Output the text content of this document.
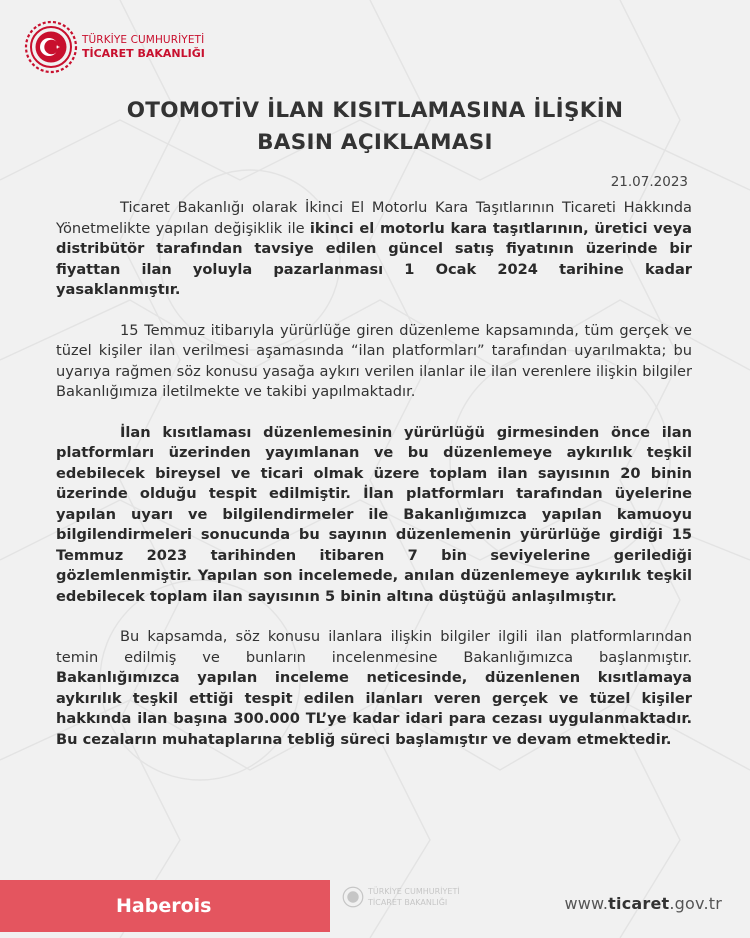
TÜRKİYE CUMHURİYETİ
TİCARET BAKANLIĞI
OTOMOTİV İLAN KISITLAMASINA İLİŞKİN
BASIN AÇIKLAMASI
21.07.2023

Ticaret Bakanlığı olarak İkinci El Motorlu Kara Taşıtlarının Ticareti Hakkında Yönetmelikte yapılan değişiklik ile ikinci el motorlu kara taşıtlarının, üretici veya distribütör tarafından tavsiye edilen güncel satış fiyatının üzerinde bir fiyattan ilan yoluyla pazarlanması 1 Ocak 2024 tarihine kadar yasaklanmıştır.

15 Temmuz itibarıyla yürürlüğe giren düzenleme kapsamında, tüm gerçek ve tüzel kişiler ilan verilmesi aşamasında “ilan platformları” tarafından uyarılmakta; bu uyarıya rağmen söz konusu yasağa aykırı verilen ilanlar ile ilan verenlere ilişkin bilgiler Bakanlığımıza iletilmekte ve takibi yapılmaktadır.

İlan kısıtlaması düzenlemesinin yürürlüğü girmesinden önce ilan platformları üzerinden yayımlanan ve bu düzenlemeye aykırılık teşkil edebilecek bireysel ve ticari olmak üzere toplam ilan sayısının 20 binin üzerinde olduğu tespit edilmiştir. İlan platformları tarafından üyelerine yapılan uyarı ve bilgilendirmeler ile Bakanlığımızca yapılan kamuoyu bilgilendirmeleri sonucunda bu sayının düzenlemenin yürürlüğe girdiği 15 Temmuz 2023 tarihinden itibaren 7 bin seviyelerine gerilediği gözlemlenmiştir. Yapılan son incelemede, anılan düzenlemeye aykırılık teşkil edebilecek toplam ilan sayısının 5 binin altına düştüğü anlaşılmıştır.

Bu kapsamda, söz konusu ilanlara ilişkin bilgiler ilgili ilan platformlarından temin edilmiş ve bunların incelenmesine Bakanlığımızca başlanmıştır. Bakanlığımızca yapılan inceleme neticesinde, düzenlenen kısıtlamaya aykırılık teşkil ettiği tespit edilen ilanları veren gerçek ve tüzel kişiler hakkında ilan başına 300.000 TL’ye kadar idari para cezası uygulanmaktadır. Bu cezaların muhataplarına tebliğ süreci başlamıştır ve devam etmektedir.

Haberois
TÜRKİYE CUMHURİYETİ
TİCARET BAKANLIĞI	www.ticaret.gov.tr
